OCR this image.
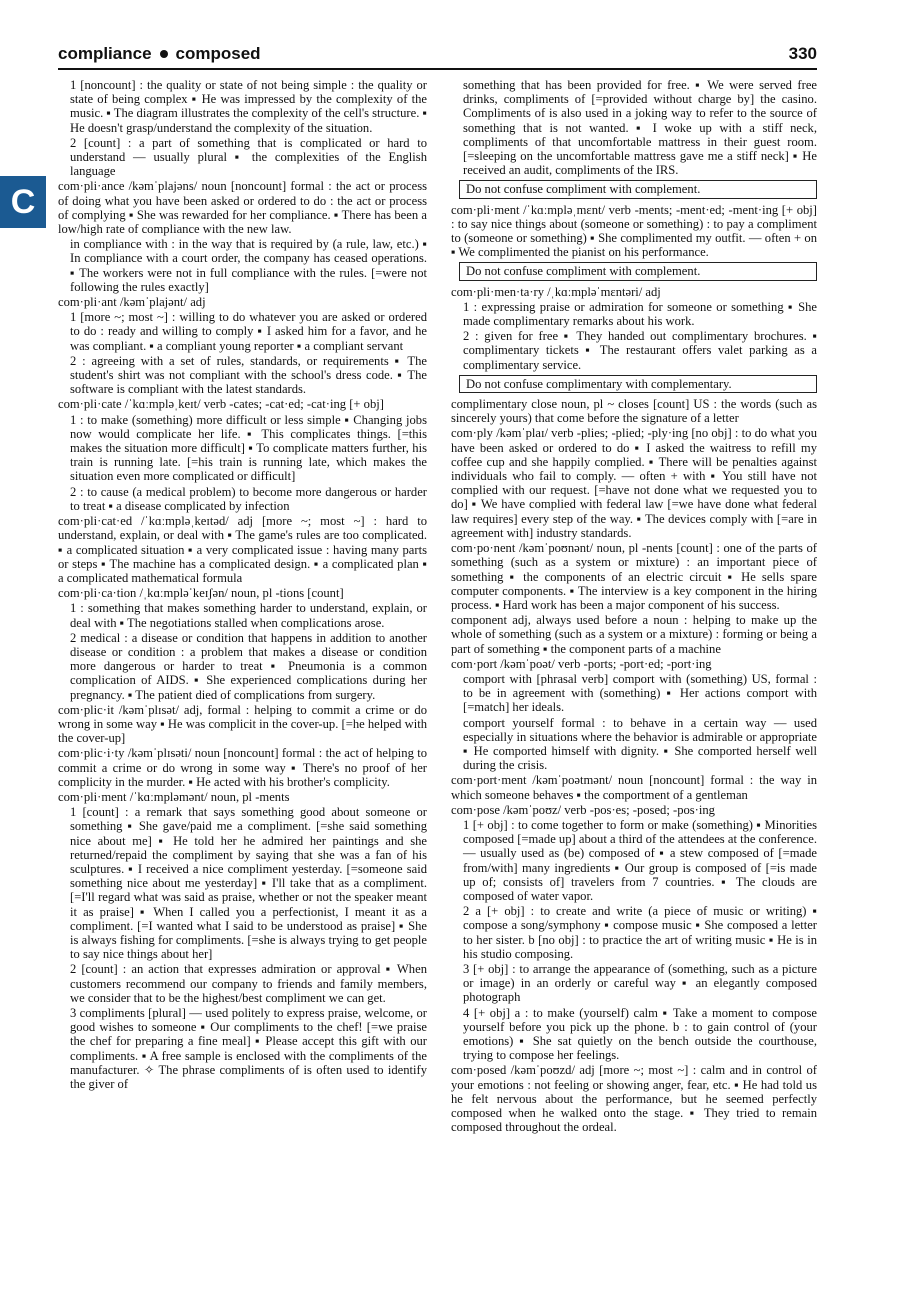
compliance composed	330
C

1 [noncount] : the quality or state of not being simple : the quality or state of being complex ▪ He was impressed by the complexity of the music. ▪ The diagram illustrates the complexity of the cell's structure. ▪ He doesn't grasp/understand the complexity of the situation.

2 [count] : a part of something that is complicated or hard to understand — usually plural ▪ the complexities of the English language

com·pli·ance /kəmˈplajəns/ noun [noncount] formal : the act or process of doing what you have been asked or ordered to do : the act or process of complying ▪ She was rewarded for her compliance. ▪ There has been a low/high rate of compliance with the new law.

in compliance with : in the way that is required by (a rule, law, etc.) ▪ In compliance with a court order, the company has ceased operations. ▪ The workers were not in full compliance with the rules. [=were not following the rules exactly]

com·pli·ant /kəmˈplajənt/ adj

1 [more ~; most ~] : willing to do whatever you are asked or ordered to do : ready and willing to comply ▪ I asked him for a favor, and he was compliant. ▪ a compliant young reporter ▪ a compliant servant

2 : agreeing with a set of rules, standards, or requirements ▪ The student's shirt was not compliant with the school's dress code. ▪ The software is compliant with the latest standards.

com·pli·cate /ˈkɑːmpləˌkeɪt/ verb -cates; -cat·ed; -cat·ing [+ obj]

1 : to make (something) more difficult or less simple ▪ Changing jobs now would complicate her life. ▪ This complicates things. [=this makes the situation more difficult] ▪ To complicate matters further, his train is running late. [=his train is running late, which makes the situation even more complicated or difficult]

2 : to cause (a medical problem) to become more dangerous or harder to treat ▪ a disease complicated by infection

com·pli·cat·ed /ˈkɑːmpləˌkeɪtəd/ adj [more ~; most ~] : hard to understand, explain, or deal with ▪ The game's rules are too complicated. ▪ a complicated situation ▪ a very complicated issue : having many parts or steps ▪ The machine has a complicated design. ▪ a complicated plan ▪ a complicated mathematical formula

com·pli·ca·tion /ˌkɑːmpləˈkeɪʃən/ noun, pl -tions [count]

1 : something that makes something harder to understand, explain, or deal with ▪ The negotiations stalled when complications arose.

2 medical : a disease or condition that happens in addition to another disease or condition : a problem that makes a disease or condition more dangerous or harder to treat ▪ Pneumonia is a common complication of AIDS. ▪ She experienced complications during her pregnancy. ▪ The patient died of complications from surgery.

com·plic·it /kəmˈplɪsət/ adj, formal : helping to commit a crime or do wrong in some way ▪ He was complicit in the cover-up. [=he helped with the cover-up]

com·plic·i·ty /kəmˈplɪsəti/ noun [noncount] formal : the act of helping to commit a crime or do wrong in some way ▪ There's no proof of her complicity in the murder. ▪ He acted with his brother's complicity.

com·pli·ment /ˈkɑːmpləmənt/ noun, pl -ments

1 [count] : a remark that says something good about someone or something ▪ She gave/paid me a compliment. [=she said something nice about me] ▪ He told her he admired her paintings and she returned/repaid the compliment by saying that she was a fan of his sculptures. ▪ I received a nice compliment yesterday. [=someone said something nice about me yesterday] ▪ I'll take that as a compliment. [=I'll regard what was said as praise, whether or not the speaker meant it as praise] ▪ When I called you a perfectionist, I meant it as a compliment. [=I wanted what I said to be understood as praise] ▪ She is always fishing for compliments. [=she is always trying to get people to say nice things about her]

2 [count] : an action that expresses admiration or approval ▪ When customers recommend our company to friends and family members, we consider that to be the highest/best compliment we can get.

3 compliments [plural] — used politely to express praise, welcome, or good wishes to someone ▪ Our compliments to the chef! [=we praise the chef for preparing a fine meal] ▪ Please accept this gift with our compliments. ▪ A free sample is enclosed with the compliments of the manufacturer. ✧ The phrase compliments of is often used to identify the giver of

something that has been provided for free. ▪ We were served free drinks, compliments of [=provided without charge by] the casino. Compliments of is also used in a joking way to refer to the source of something that is not wanted. ▪ I woke up with a stiff neck, compliments of that uncomfortable mattress in their guest room. [=sleeping on the uncomfortable mattress gave me a stiff neck] ▪ He received an audit, compliments of the IRS.

Do not confuse compliment with complement.

com·pli·ment /ˈkɑːmpləˌmɛnt/ verb -ments; -ment·ed; -ment·ing [+ obj] : to say nice things about (someone or something) : to pay a compliment to (someone or something) ▪ She complimented my outfit. — often + on ▪ We complimented the pianist on his performance.

Do not confuse compliment with complement.

com·pli·men·ta·ry /ˌkɑːmpləˈmɛntəri/ adj

1 : expressing praise or admiration for someone or something ▪ She made complimentary remarks about his work.

2 : given for free ▪ They handed out complimentary brochures. ▪ complimentary tickets ▪ The restaurant offers valet parking as a complimentary service.

Do not confuse complimentary with complementary.

complimentary close noun, pl ~ closes [count] US : the words (such as sincerely yours) that come before the signature of a letter

com·ply /kəmˈplaɪ/ verb -plies; -plied; -ply·ing [no obj] : to do what you have been asked or ordered to do ▪ I asked the waitress to refill my coffee cup and she happily complied. ▪ There will be penalties against individuals who fail to comply. — often + with ▪ You still have not complied with our request. [=have not done what we requested you to do] ▪ We have complied with federal law [=we have done what federal law requires] every step of the way. ▪ The devices comply with [=are in agreement with] industry standards.

com·po·nent /kəmˈpoʊnənt/ noun, pl -nents [count] : one of the parts of something (such as a system or mixture) : an important piece of something ▪ the components of an electric circuit ▪ He sells spare computer components. ▪ The interview is a key component in the hiring process. ▪ Hard work has been a major component of his success.

component adj, always used before a noun : helping to make up the whole of something (such as a system or a mixture) : forming or being a part of something ▪ the component parts of a machine

com·port /kəmˈpoət/ verb -ports; -port·ed; -port·ing

comport with [phrasal verb] comport with (something) US, formal : to be in agreement with (something) ▪ Her actions comport with [=match] her ideals.

comport yourself formal : to behave in a certain way — used especially in situations where the behavior is admirable or appropriate ▪ He comported himself with dignity. ▪ She comported herself well during the crisis.

com·port·ment /kəmˈpoətmənt/ noun [noncount] formal : the way in which someone behaves ▪ the comportment of a gentleman

com·pose /kəmˈpoʊz/ verb -pos·es; -posed; -pos·ing

1 [+ obj] : to come together to form or make (something) ▪ Minorities composed [=made up] about a third of the attendees at the conference. — usually used as (be) composed of ▪ a stew composed of [=made from/with] many ingredients ▪ Our group is composed of [=is made up of; consists of] travelers from 7 countries. ▪ The clouds are composed of water vapor.

2 a [+ obj] : to create and write (a piece of music or writing) ▪ compose a song/symphony ▪ compose music ▪ She composed a letter to her sister. b [no obj] : to practice the art of writing music ▪ He is in his studio composing.

3 [+ obj] : to arrange the appearance of (something, such as a picture or image) in an orderly or careful way ▪ an elegantly composed photograph

4 [+ obj] a : to make (yourself) calm ▪ Take a moment to compose yourself before you pick up the phone. b : to gain control of (your emotions) ▪ She sat quietly on the bench outside the courthouse, trying to compose her feelings.

com·posed /kəmˈpoʊzd/ adj [more ~; most ~] : calm and in control of your emotions : not feeling or showing anger, fear, etc. ▪ He had told us he felt nervous about the performance, but he seemed perfectly composed when he walked onto the stage. ▪ They tried to remain composed throughout the ordeal.
